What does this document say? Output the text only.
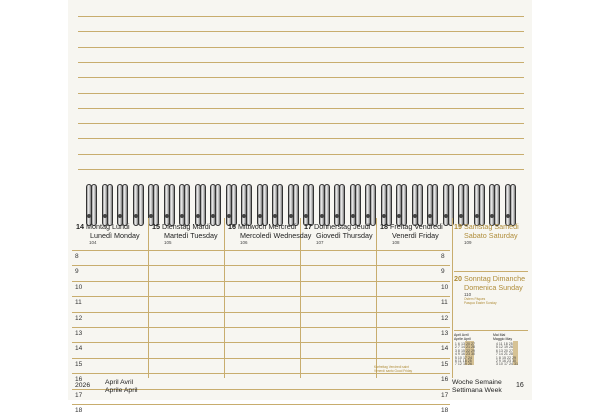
14 Montag Lundi
Lunedì Monday
104
15 Dienstag Mardi
Martedì Tuesday
105
16 Mittwoch Mercredi
Mercoledì Wednesday
106
17 Donnerstag Jeudi
Giovedì Thursday
107
18 Freitag Vendredi
Venerdì Friday
108
19 Samstag Samedi
Sabato Saturday
109
20 Sonntag Dimanche
Domenica Sunday
110
Ostern Pâques
Pasqua Easter Sunday
Karfreitag Vendredi saint
Venerdì santo Good Friday
8	8
9	9
10	10
11	11
12	12
13	13
14	14
15	15
16	16
17	17
18	18
April Avril
Aprile April
Mai Mai
Maggio May
1 6 13 20 27
2 7 14 21 28
3 8 15 22 29
4 9 16 23 30
5 10 17 24
6 11 18 25
7 12 19 26
4 11 18 25
5 12 19 26
6 13 20 27
7 14 21 28
1 8 15 22 29
2 9 16 23 30
3 10 17 24 31
2026 April Avril
Aprile April
Woche Semaine
Settimana Week
16
